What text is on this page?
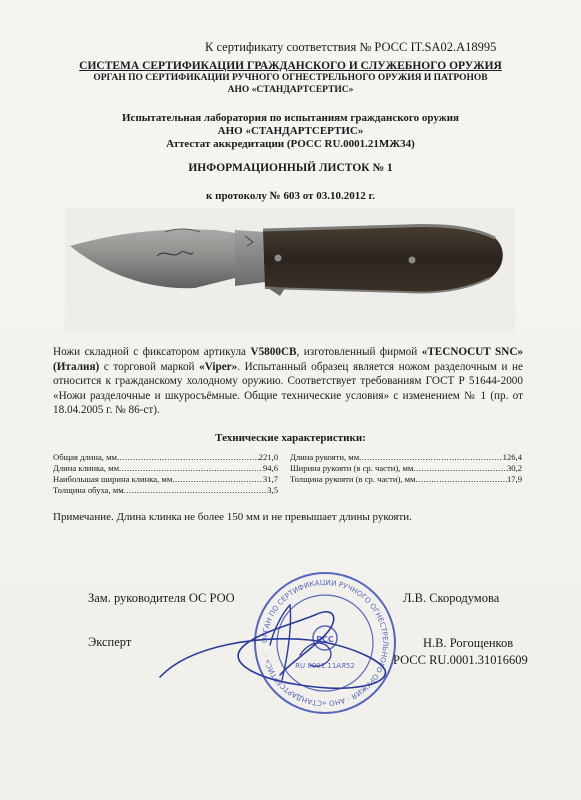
К сертификату соответствия № РОСС IT.SA02.A18995
СИСТЕМА СЕРТИФИКАЦИИ ГРАЖДАНСКОГО И СЛУЖЕБНОГО ОРУЖИЯ
ОРГАН ПО СЕРТИФИКАЦИИ РУЧНОГО ОГНЕСТРЕЛЬНОГО ОРУЖИЯ И ПАТРОНОВ
АНО «СТАНДАРТСЕРТИС»
Испытательная лаборатория по испытаниям гражданского оружия
АНО «СТАНДАРТСЕРТИС»
Аттестат аккредитации (РОСС RU.0001.21МЖ34)
ИНФОРМАЦИОННЫЙ ЛИСТОК № 1
к протоколу № 603 от 03.10.2012 г.
Ножи складной с фиксатором артикула V5800CB, изготовленный фирмой «TECNOCUT SNC» (Италия) с торговой маркой «Viper». Испытанный образец является ножом разделочным и не относится к гражданскому холодному оружию. Соответствует требованиям ГОСТ Р 51644-2000 «Ножи разделочные и шкуросъёмные. Общие технические условия» с изменением № 1 (пр. от 18.04.2005 г. № 86-ст).
Технические характеристики:
Общая длина, мм .....	221,0
Длина клинка, мм .....	94,6
Наибольшая ширина клинка, мм .....	31,7
Толщина обуха, мм .....	3,5
Длина рукояти, мм .....	126,4
Ширина рукояти (в ср. части), мм .....	30,2
Толщина рукояти (в ср. части), мм .....	17,9
Примечание. Длина клинка не более 150 мм и не превышает длины рукояти.
ОРГАН ПО СЕРТИФИКАЦИИ РУЧНОГО ОГНЕСТРЕЛЬНОГО ОРУЖИЯ · АНО «СТАНДАРТСЕРТИС» ·
РСС
RU 0001.11АЯ52
Зам. руководителя ОС РОО	Л.В. Скородумова
Эксперт	Н.В. Рогощенков
РОСС RU.0001.31016609
